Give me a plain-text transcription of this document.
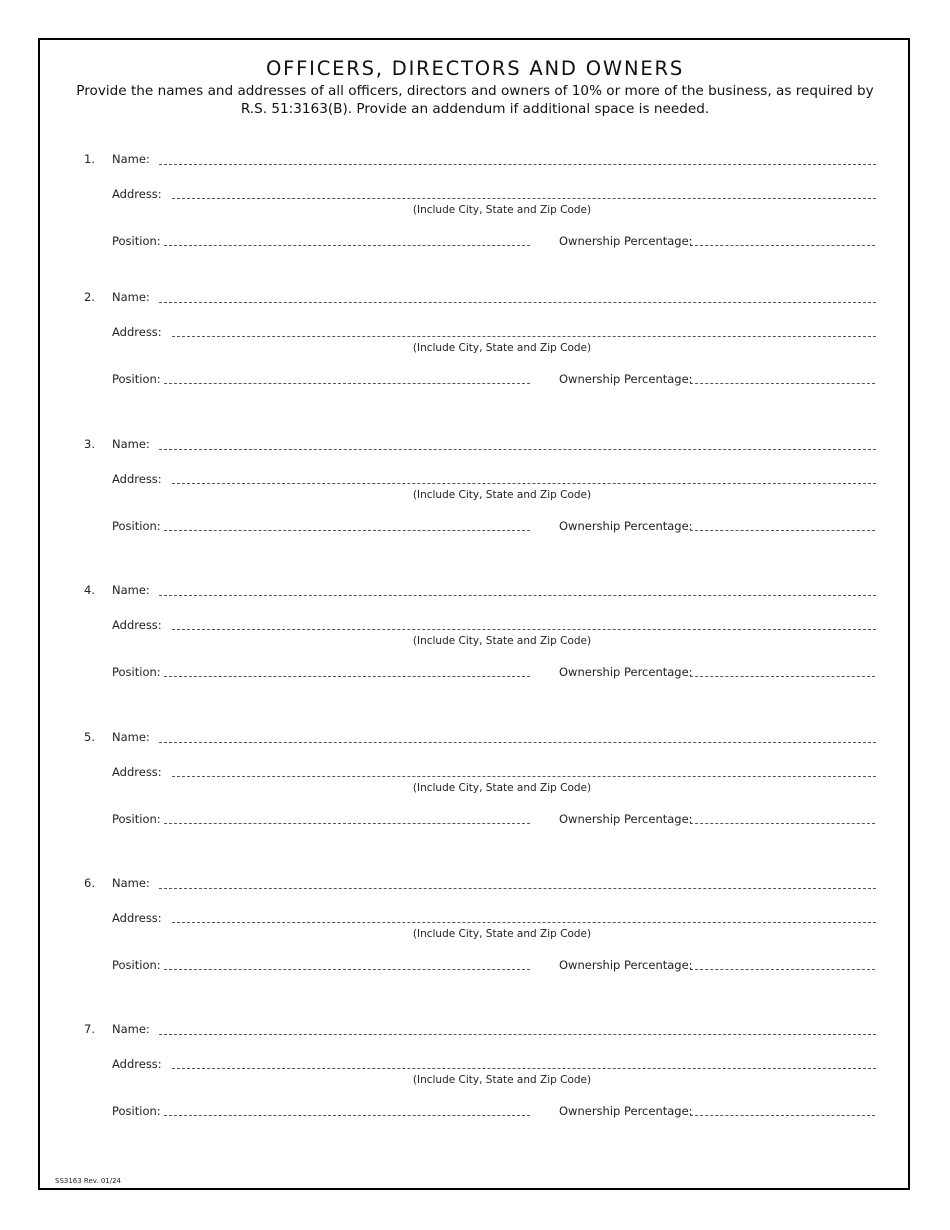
OFFICERS, DIRECTORS AND OWNERS
Provide the names and addresses of all officers, directors and owners of 10% or more of the business, as required by R.S. 51:3163(B). Provide an addendum if additional space is needed.
1. Name:
Address:
(Include City, State and Zip Code)
Position:	Ownership Percentage:
2. Name:
Address:
(Include City, State and Zip Code)
Position:	Ownership Percentage:
3. Name:
Address:
(Include City, State and Zip Code)
Position:	Ownership Percentage:
4. Name:
Address:
(Include City, State and Zip Code)
Position:	Ownership Percentage:
5. Name:
Address:
(Include City, State and Zip Code)
Position:	Ownership Percentage:
6. Name:
Address:
(Include City, State and Zip Code)
Position:	Ownership Percentage:
7. Name:
Address:
(Include City, State and Zip Code)
Position:	Ownership Percentage:
SS3163 Rev. 01/24
